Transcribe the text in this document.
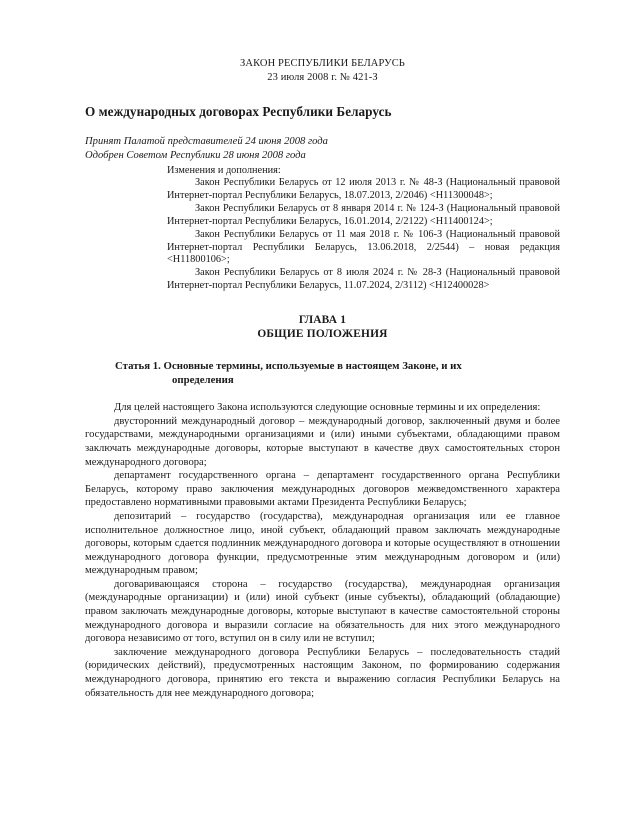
ЗАКОН РЕСПУБЛИКИ БЕЛАРУСЬ
23 июля 2008 г. № 421-З
О международных договорах Республики Беларусь
Принят Палатой представителей 24 июня 2008 года
Одобрен Советом Республики 28 июня 2008 года
Изменения и дополнения:

Закон Республики Беларусь от 12 июля 2013 г. № 48-З (Национальный правовой Интернет-портал Республики Беларусь, 18.07.2013, 2/2046) <H11300048>;

Закон Республики Беларусь от 8 января 2014 г. № 124-З (Национальный правовой Интернет-портал Республики Беларусь, 16.01.2014, 2/2122) <H11400124>;

Закон Республики Беларусь от 11 мая 2018 г. № 106-З (Национальный правовой Интернет-портал Республики Беларусь, 13.06.2018, 2/2544) – новая редакция <H11800106>;

Закон Республики Беларусь от 8 июля 2024 г. № 28-З (Национальный правовой Интернет-портал Республики Беларусь, 11.07.2024, 2/3112) <H12400028>

ГЛАВА 1
ОБЩИЕ ПОЛОЖЕНИЯ
Статья 1. Основные термины, используемые в настоящем Законе, и их
определения

Для целей настоящего Закона используются следующие основные термины и их определения:

двусторонний международный договор – международный договор, заключенный двумя и более государствами, международными организациями и (или) иными субъектами, обладающими правом заключать международные договоры, которые выступают в качестве двух самостоятельных сторон международного договора;

департамент государственного органа – департамент государственного органа Республики Беларусь, которому право заключения международных договоров межведомственного характера предоставлено нормативными правовыми актами Президента Республики Беларусь;

депозитарий – государство (государства), международная организация или ее главное исполнительное должностное лицо, иной субъект, обладающий правом заключать международные договоры, которым сдается подлинник международного договора и которые осуществляют в отношении международного договора функции, предусмотренные этим международным договором и (или) международным правом;

договаривающаяся сторона – государство (государства), международная организация (международные организации) и (или) иной субъект (иные субъекты), обладающий (обладающие) правом заключать международные договоры, которые выступают в качестве самостоятельной стороны международного договора и выразили согласие на обязательность для них этого международного договора независимо от того, вступил он в силу или не вступил;

заключение международного договора Республики Беларусь – последовательность стадий (юридических действий), предусмотренных настоящим Законом, по формированию содержания международного договора, принятию его текста и выражению согласия Республики Беларусь на обязательность для нее международного договора;
